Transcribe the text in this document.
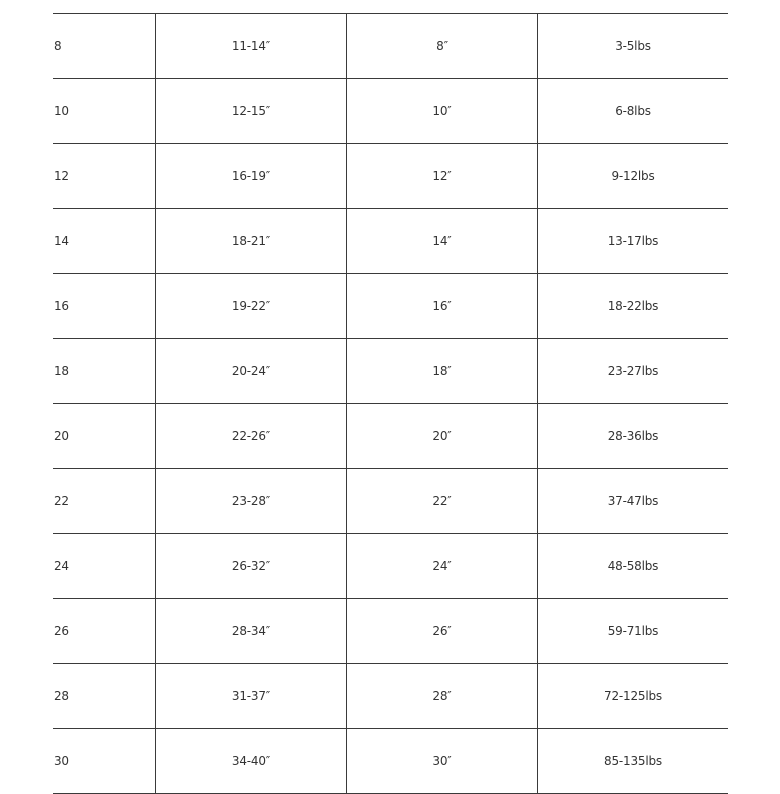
8	11-14″	8″	3-5lbs
10	12-15″	10″	6-8lbs
12	16-19″	12″	9-12lbs
14	18-21″	14″	13-17lbs
16	19-22″	16″	18-22lbs
18	20-24″	18″	23-27lbs
20	22-26″	20″	28-36lbs
22	23-28″	22″	37-47lbs
24	26-32″	24″	48-58lbs
26	28-34″	26″	59-71lbs
28	31-37″	28″	72-125lbs
30	34-40″	30″	85-135lbs
